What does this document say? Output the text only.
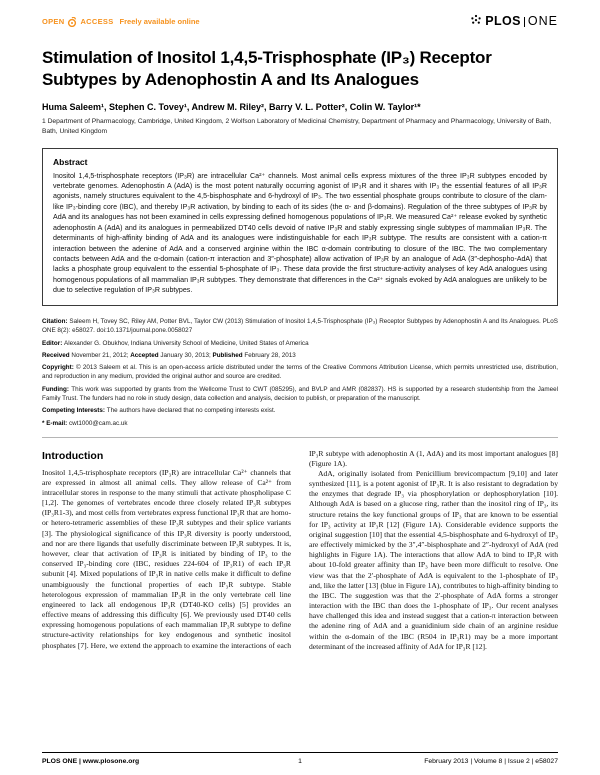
OPEN ACCESS Freely available online	PLOS ONE
Stimulation of Inositol 1,4,5-Trisphosphate (IP₃) Receptor Subtypes by Adenophostin A and Its Analogues
Huma Saleem¹, Stephen C. Tovey¹, Andrew M. Riley², Barry V. L. Potter², Colin W. Taylor¹*
1 Department of Pharmacology, Cambridge, United Kingdom, 2 Wolfson Laboratory of Medicinal Chemistry, Department of Pharmacy and Pharmacology, University of Bath, Bath, United Kingdom
Abstract

Inositol 1,4,5-trisphosphate receptors (IP₃R) are intracellular Ca²⁺ channels. Most animal cells express mixtures of the three IP₃R subtypes encoded by vertebrate genomes. Adenophostin A (AdA) is the most potent naturally occurring agonist of IP₃R and it shares with IP₃ the essential features of all IP₃R agonists, namely structures equivalent to the 4,5-bisphosphate and 6-hydroxyl of IP₃. The two essential phosphate groups contribute to closure of the clam-like IP₃-binding core (IBC), and thereby IP₃R activation, by binding to each of its sides (the α- and β-domains). Regulation of the three subtypes of IP₃R by AdA and its analogues has not been examined in cells expressing defined homogenous populations of IP₃R. We measured Ca²⁺ release evoked by synthetic adenophostin A (AdA) and its analogues in permeabilized DT40 cells devoid of native IP₃R and stably expressing single subtypes of mammalian IP₃R. The determinants of high-affinity binding of AdA and its analogues were indistinguishable for each IP₃R subtype. The results are consistent with a cation-π interaction between the adenine of AdA and a conserved arginine within the IBC α-domain contributing to closure of the IBC. The two complementary contacts between AdA and the α-domain (cation-π interaction and 3″-phosphate) allow activation of IP₃R by an analogue of AdA (3″-dephospho-AdA) that lacks a phosphate group equivalent to the essential 5-phosphate of IP₃. These data provide the first structure-activity analyses of key AdA analogues using homogenous populations of all mammalian IP₃R subtypes. They demonstrate that differences in the Ca²⁺ signals evoked by AdA analogues are unlikely to be due to selective regulation of IP₃R subtypes.

Citation: Saleem H, Tovey SC, Riley AM, Potter BVL, Taylor CW (2013) Stimulation of Inositol 1,4,5-Trisphosphate (IP₃) Receptor Subtypes by Adenophostin A and Its Analogues. PLoS ONE 8(2): e58027. doi:10.1371/journal.pone.0058027

Editor: Alexander G. Obukhov, Indiana University School of Medicine, United States of America

Received November 21, 2012; Accepted January 30, 2013; Published February 28, 2013

Copyright: © 2013 Saleem et al. This is an open-access article distributed under the terms of the Creative Commons Attribution License, which permits unrestricted use, distribution, and reproduction in any medium, provided the original author and source are credited.

Funding: This work was supported by grants from the Wellcome Trust to CWT (085295), and BVLP and AMR (082837). HS is supported by a research studentship from the Jameel Family Trust. The funders had no role in study design, data collection and analysis, decision to publish, or preparation of the manuscript.

Competing Interests: The authors have declared that no competing interests exist.

* E-mail: cwt1000@cam.ac.uk

Introduction

Inositol 1,4,5-trisphosphate receptors (IP₃R) are intracellular Ca²⁺ channels that are expressed in almost all animal cells. They allow release of Ca²⁺ from intracellular stores in response to the many stimuli that activate phospholipase C [1,2]. The genomes of vertebrates encode three closely related IP₃R subtypes (IP₃R1-3), and most cells from vertebrates express functional IP₃R that are homo- or hetero-tetrameric assemblies of these IP₃R subtypes and their splice variants [3]. The physiological significance of this IP₃R diversity is poorly understood, and nor are there ligands that usefully discriminate between IP₃R subtypes. It is, however, clear that activation of IP₃R is initiated by binding of IP₃ to the conserved IP₃-binding core (IBC, residues 224-604 of IP₃R1) of each IP₃R subunit [4]. Mixed populations of IP₃R in native cells make it difficult to define unambiguously the functional properties of each IP₃R subtype. Stable heterologous expression of mammalian IP₃R in the only vertebrate cell line engineered to lack all endogenous IP₃R (DT40-KO cells) [5] provides an effective means of addressing this difficulty [6]. We previously used DT40 cells expressing homogenous populations of each mammalian IP₃R subtype to define structure-activity relationships for key endogenous and synthetic inositol phosphates [7]. Here, we extend the approach to examine the interactions of each IP₃R subtype with adenophostin A (1, AdA) and its most important analogues [8] (Figure 1A).

AdA, originally isolated from Penicillium brevicompactum [9,10] and later synthesized [11], is a potent agonist of IP₃R. It is also resistant to degradation by the enzymes that degrade IP₃ via phosphorylation or dephosphorylation [10]. Although AdA is based on a glucose ring, rather than the inositol ring of IP₃, its structure retains the key functional groups of IP₃ that are known to be essential for IP₃ activity at IP₃R [12] (Figure 1A). Considerable evidence supports the original suggestion [10] that the essential 4,5-bisphosphate and 6-hydroxyl of IP₃ are effectively mimicked by the 3″,4″-bisphosphate and 2″-hydroxyl of AdA (red highlights in Figure 1A). The interactions that allow AdA to bind to IP₃R with about 10-fold greater affinity than IP₃ have been more difficult to resolve. One view was that the 2′-phosphate of AdA is equivalent to the 1-phosphate of IP₃ and, like the latter [13] (blue in Figure 1A), contributes to high-affinity binding to the IBC. The suggestion was that the 2′-phosphate of AdA forms a stronger interaction with the IBC than does the 1-phosphate of IP₃. Our recent analyses have challenged this idea and instead suggest that a cation-π interaction between the adenine ring of AdA and a guanidinium side chain of an arginine residue within the α-domain of the IBC (R504 in IP₃R1) may be a more important determinant of the increased affinity of AdA for IP₃R [12].

PLOS ONE | www.plosone.org	1	February 2013 | Volume 8 | Issue 2 | e58027
